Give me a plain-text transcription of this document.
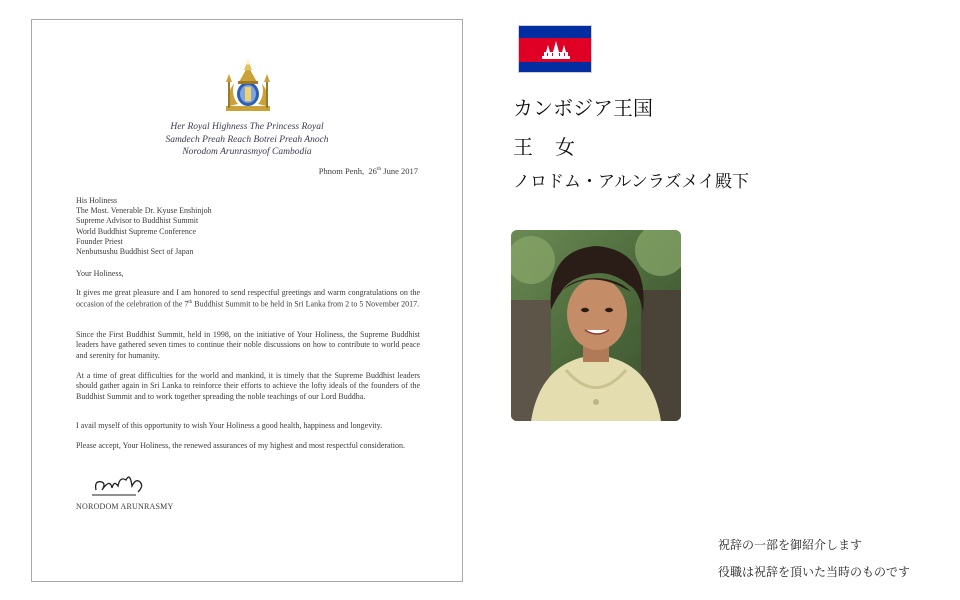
Her Royal Highness The Princess Royal
Samdech Preah Reach Botrei Preah Anoch
Norodom Arunrasmyof Cambodia
Phnom Penh, 26th June 2017
His Holiness
The Most. Venerable Dr. Kyuse Enshinjoh
Supreme Advisor to Buddhist Summit
World Buddhist Supreme Conference
Founder Priest
Nenbutsushu Buddhist Sect of Japan
Your Holiness,

It gives me great pleasure and I am honored to send respectful greetings and warm congratulations on the occasion of the celebration of the 7th Buddhist Summit to be held in Sri Lanka from 2 to 5 November 2017.

Since the First Buddhist Summit, held in 1998, on the initiative of Your Holiness, the Supreme Buddhist leaders have gathered seven times to continue their noble discussions on how to contribute to world peace and serenity for humanity.

At a time of great difficulties for the world and mankind, it is timely that the Supreme Buddhist leaders should gather again in Sri Lanka to reinforce their efforts to achieve the lofty ideals of the founders of the Buddhist Summit and to work together spreading the noble teachings of our Lord Buddha.

I avail myself of this opportunity to wish Your Holiness a good health, happiness and longevity.

Please accept, Your Holiness, the renewed assurances of my highest and most respectful consideration.

NORODOM ARUNRASMY
カンボジア王国
王女
ノロドム・アルンラズメイ殿下
祝辞の一部を御紹介します
役職は祝辞を頂いた当時のものです
